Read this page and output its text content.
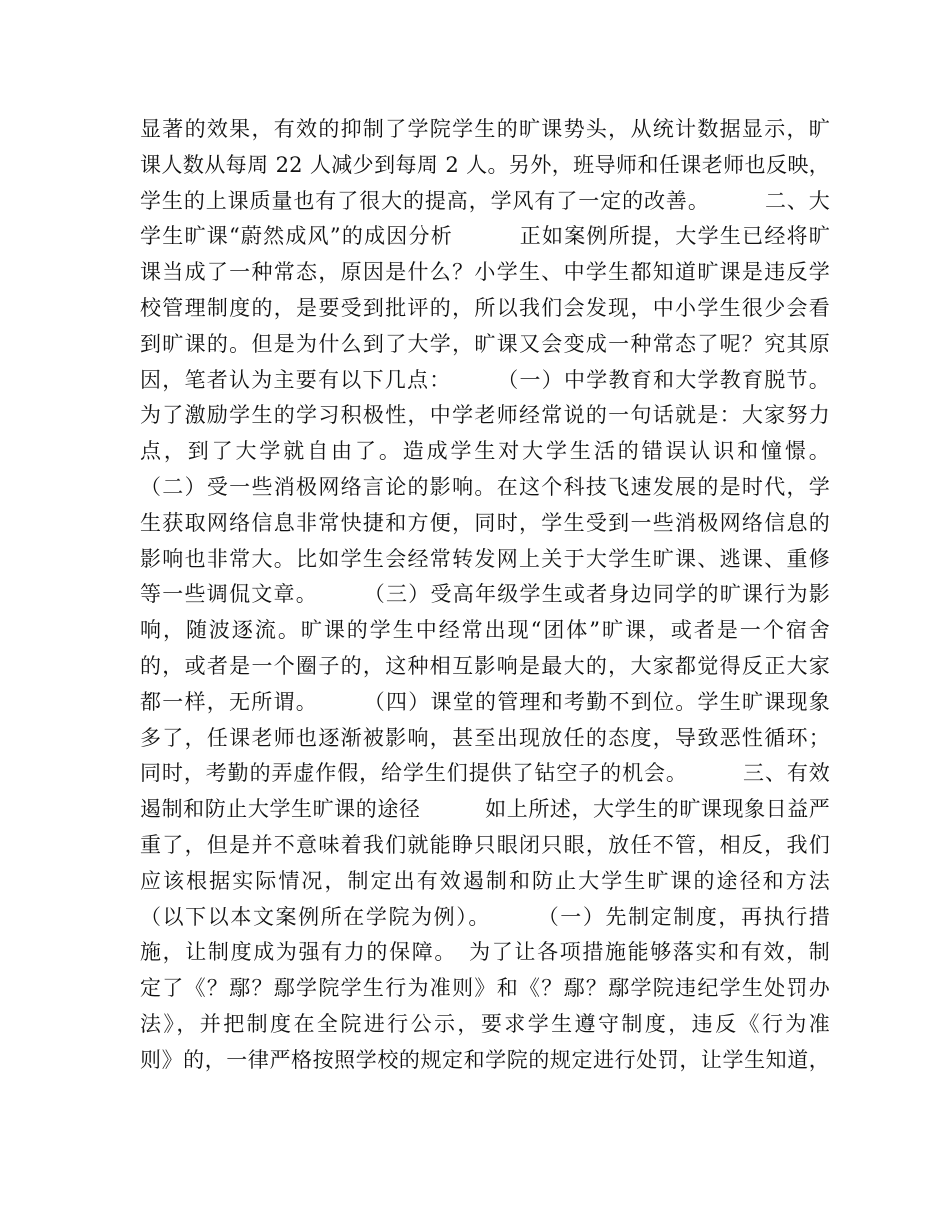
显著的效果，有效的抑制了学院学生的旷课势头，从统计数据显示，旷
课人数从每周 22 人减少到每周 2 人。另外，班导师和任课老师也反映，
学生的上课质量也有了很大的提高，学风有了一定的改善。　　　二、大
学生旷课“蔚然成风”的成因分析　　　正如案例所提，大学生已经将旷
课当成了一种常态，原因是什么？小学生、中学生都知道旷课是违反学
校管理制度的，是要受到批评的，所以我们会发现，中小学生很少会看
到旷课的。但是为什么到了大学，旷课又会变成一种常态了呢？究其原
因，笔者认为主要有以下几点：　　　（一）中学教育和大学教育脱节。
为了激励学生的学习积极性，中学老师经常说的一句话就是：大家努力
点，到了大学就自由了。造成学生对大学生活的错误认识和憧憬。
（二）受一些消极网络言论的影响。在这个科技飞速发展的是时代，学
生获取网络信息非常快捷和方便，同时，学生受到一些消极网络信息的
影响也非常大。比如学生会经常转发网上关于大学生旷课、逃课、重修
等一些调侃文章。　　　（三）受高年级学生或者身边同学的旷课行为影
响，随波逐流。旷课的学生中经常出现“团体”旷课，或者是一个宿舍
的，或者是一个圈子的，这种相互影响是最大的，大家都觉得反正大家
都一样，无所谓。　　　（四）课堂的管理和考勤不到位。学生旷课现象
多了，任课老师也逐渐被影响，甚至出现放任的态度，导致恶性循环；
同时，考勤的弄虚作假，给学生们提供了钻空子的机会。　　　三、有效
遏制和防止大学生旷课的途径　　　如上所述，大学生的旷课现象日益严
重了，但是并不意味着我们就能睁只眼闭只眼，放任不管，相反，我们
应该根据实际情况，制定出有效遏制和防止大学生旷课的途径和方法
（以下以本文案例所在学院为例）。　　　（一）先制定制度，再执行措
施，让制度成为强有力的保障。　为了让各项措施能够落实和有效，制
定了《？鄢？鄢学院学生行为准则》和《？鄢？鄢学院违纪学生处罚办
法》，并把制度在全院进行公示，要求学生遵守制度，违反《行为准
则》的，一律严格按照学校的规定和学院的规定进行处罚，让学生知道，
